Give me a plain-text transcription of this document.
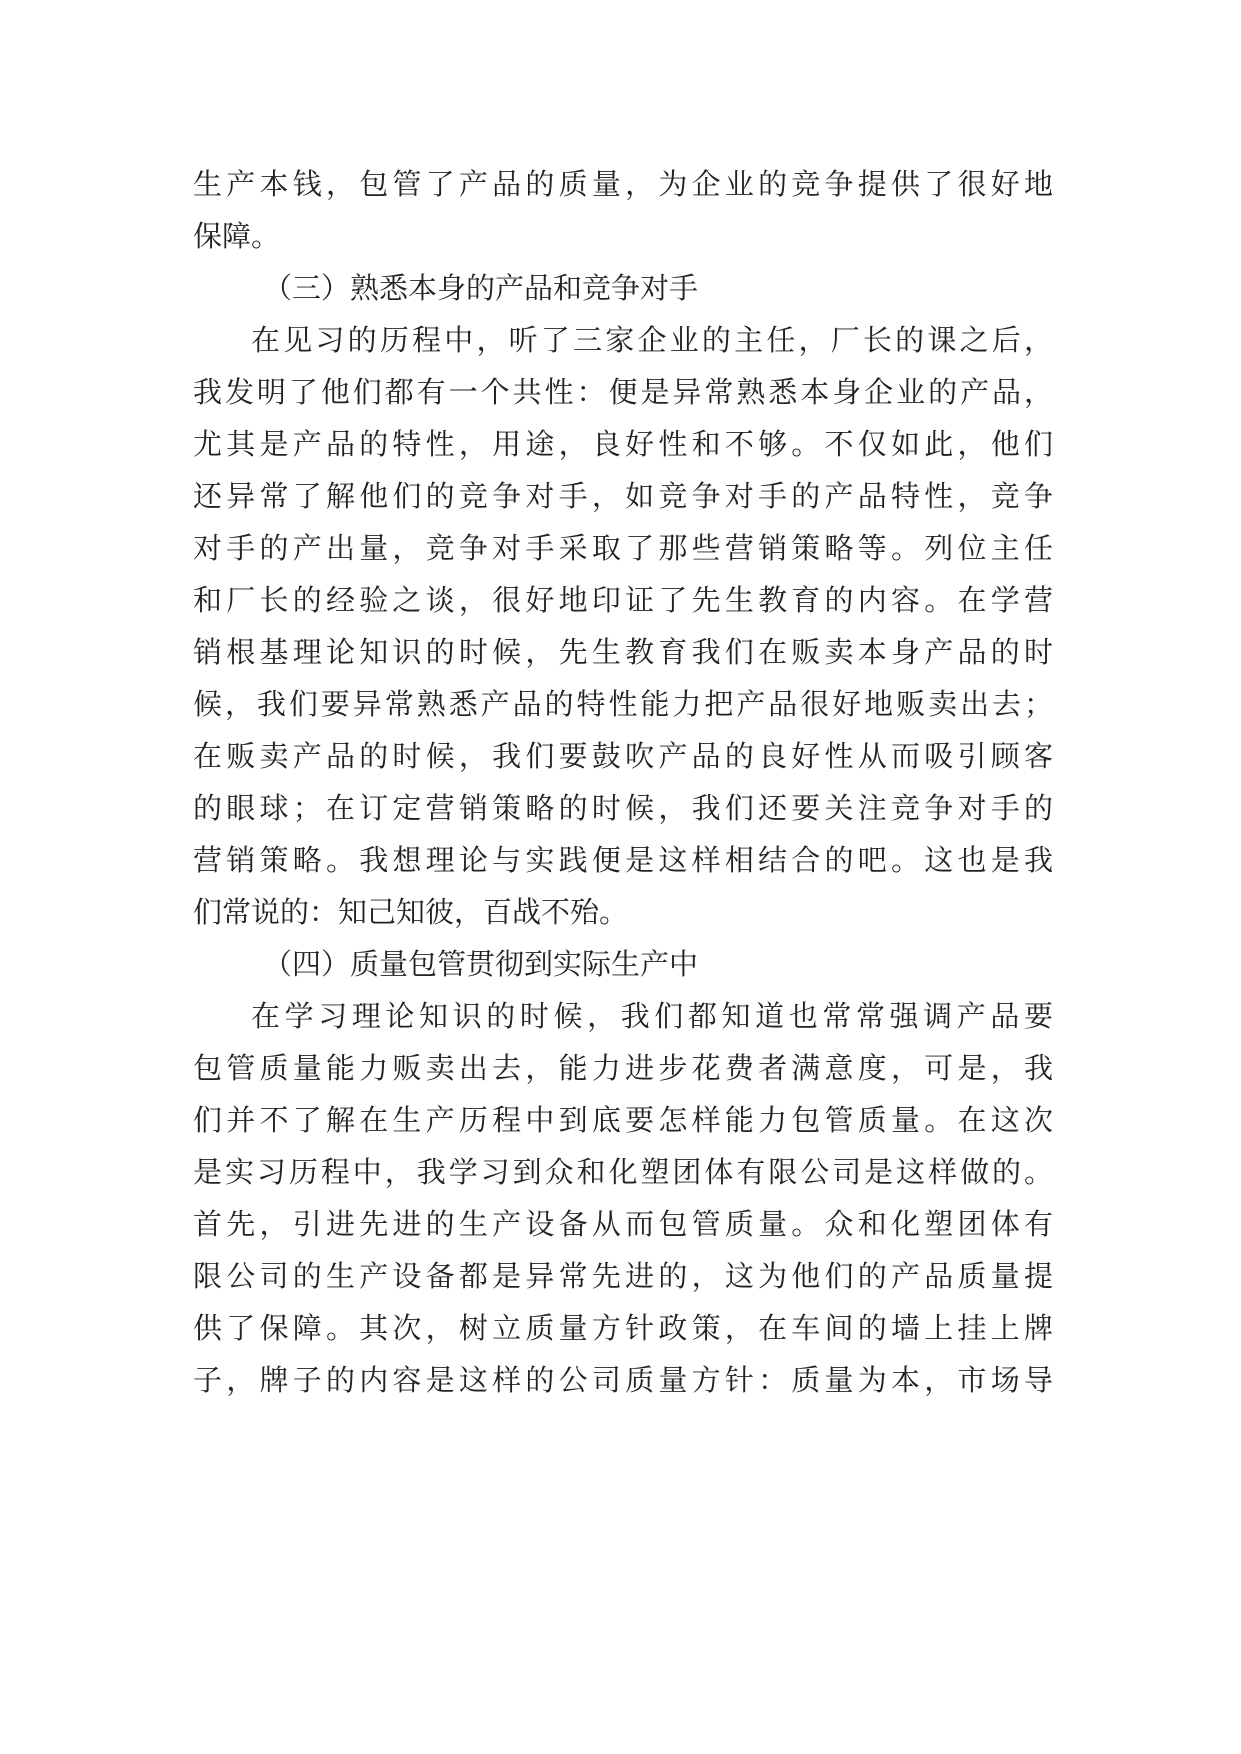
生产本钱，包管了产品的质量，为企业的竞争提供了很好地
保障。
（三）熟悉本身的产品和竞争对手
在见习的历程中，听了三家企业的主任，厂长的课之后，
我发明了他们都有一个共性：便是异常熟悉本身企业的产品，
尤其是产品的特性，用途，良好性和不够。不仅如此，他们
还异常了解他们的竞争对手，如竞争对手的产品特性，竞争
对手的产出量，竞争对手采取了那些营销策略等。列位主任
和厂长的经验之谈，很好地印证了先生教育的内容。在学营
销根基理论知识的时候，先生教育我们在贩卖本身产品的时
候，我们要异常熟悉产品的特性能力把产品很好地贩卖出去；
在贩卖产品的时候，我们要鼓吹产品的良好性从而吸引顾客
的眼球；在订定营销策略的时候，我们还要关注竞争对手的
营销策略。我想理论与实践便是这样相结合的吧。这也是我
们常说的：知己知彼，百战不殆。
（四）质量包管贯彻到实际生产中
在学习理论知识的时候，我们都知道也常常强调产品要
包管质量能力贩卖出去，能力进步花费者满意度，可是，我
们并不了解在生产历程中到底要怎样能力包管质量。在这次
是实习历程中，我学习到众和化塑团体有限公司是这样做的。
首先，引进先进的生产设备从而包管质量。众和化塑团体有
限公司的生产设备都是异常先进的，这为他们的产品质量提
供了保障。其次，树立质量方针政策，在车间的墙上挂上牌
子，牌子的内容是这样的公司质量方针：质量为本，市场导
